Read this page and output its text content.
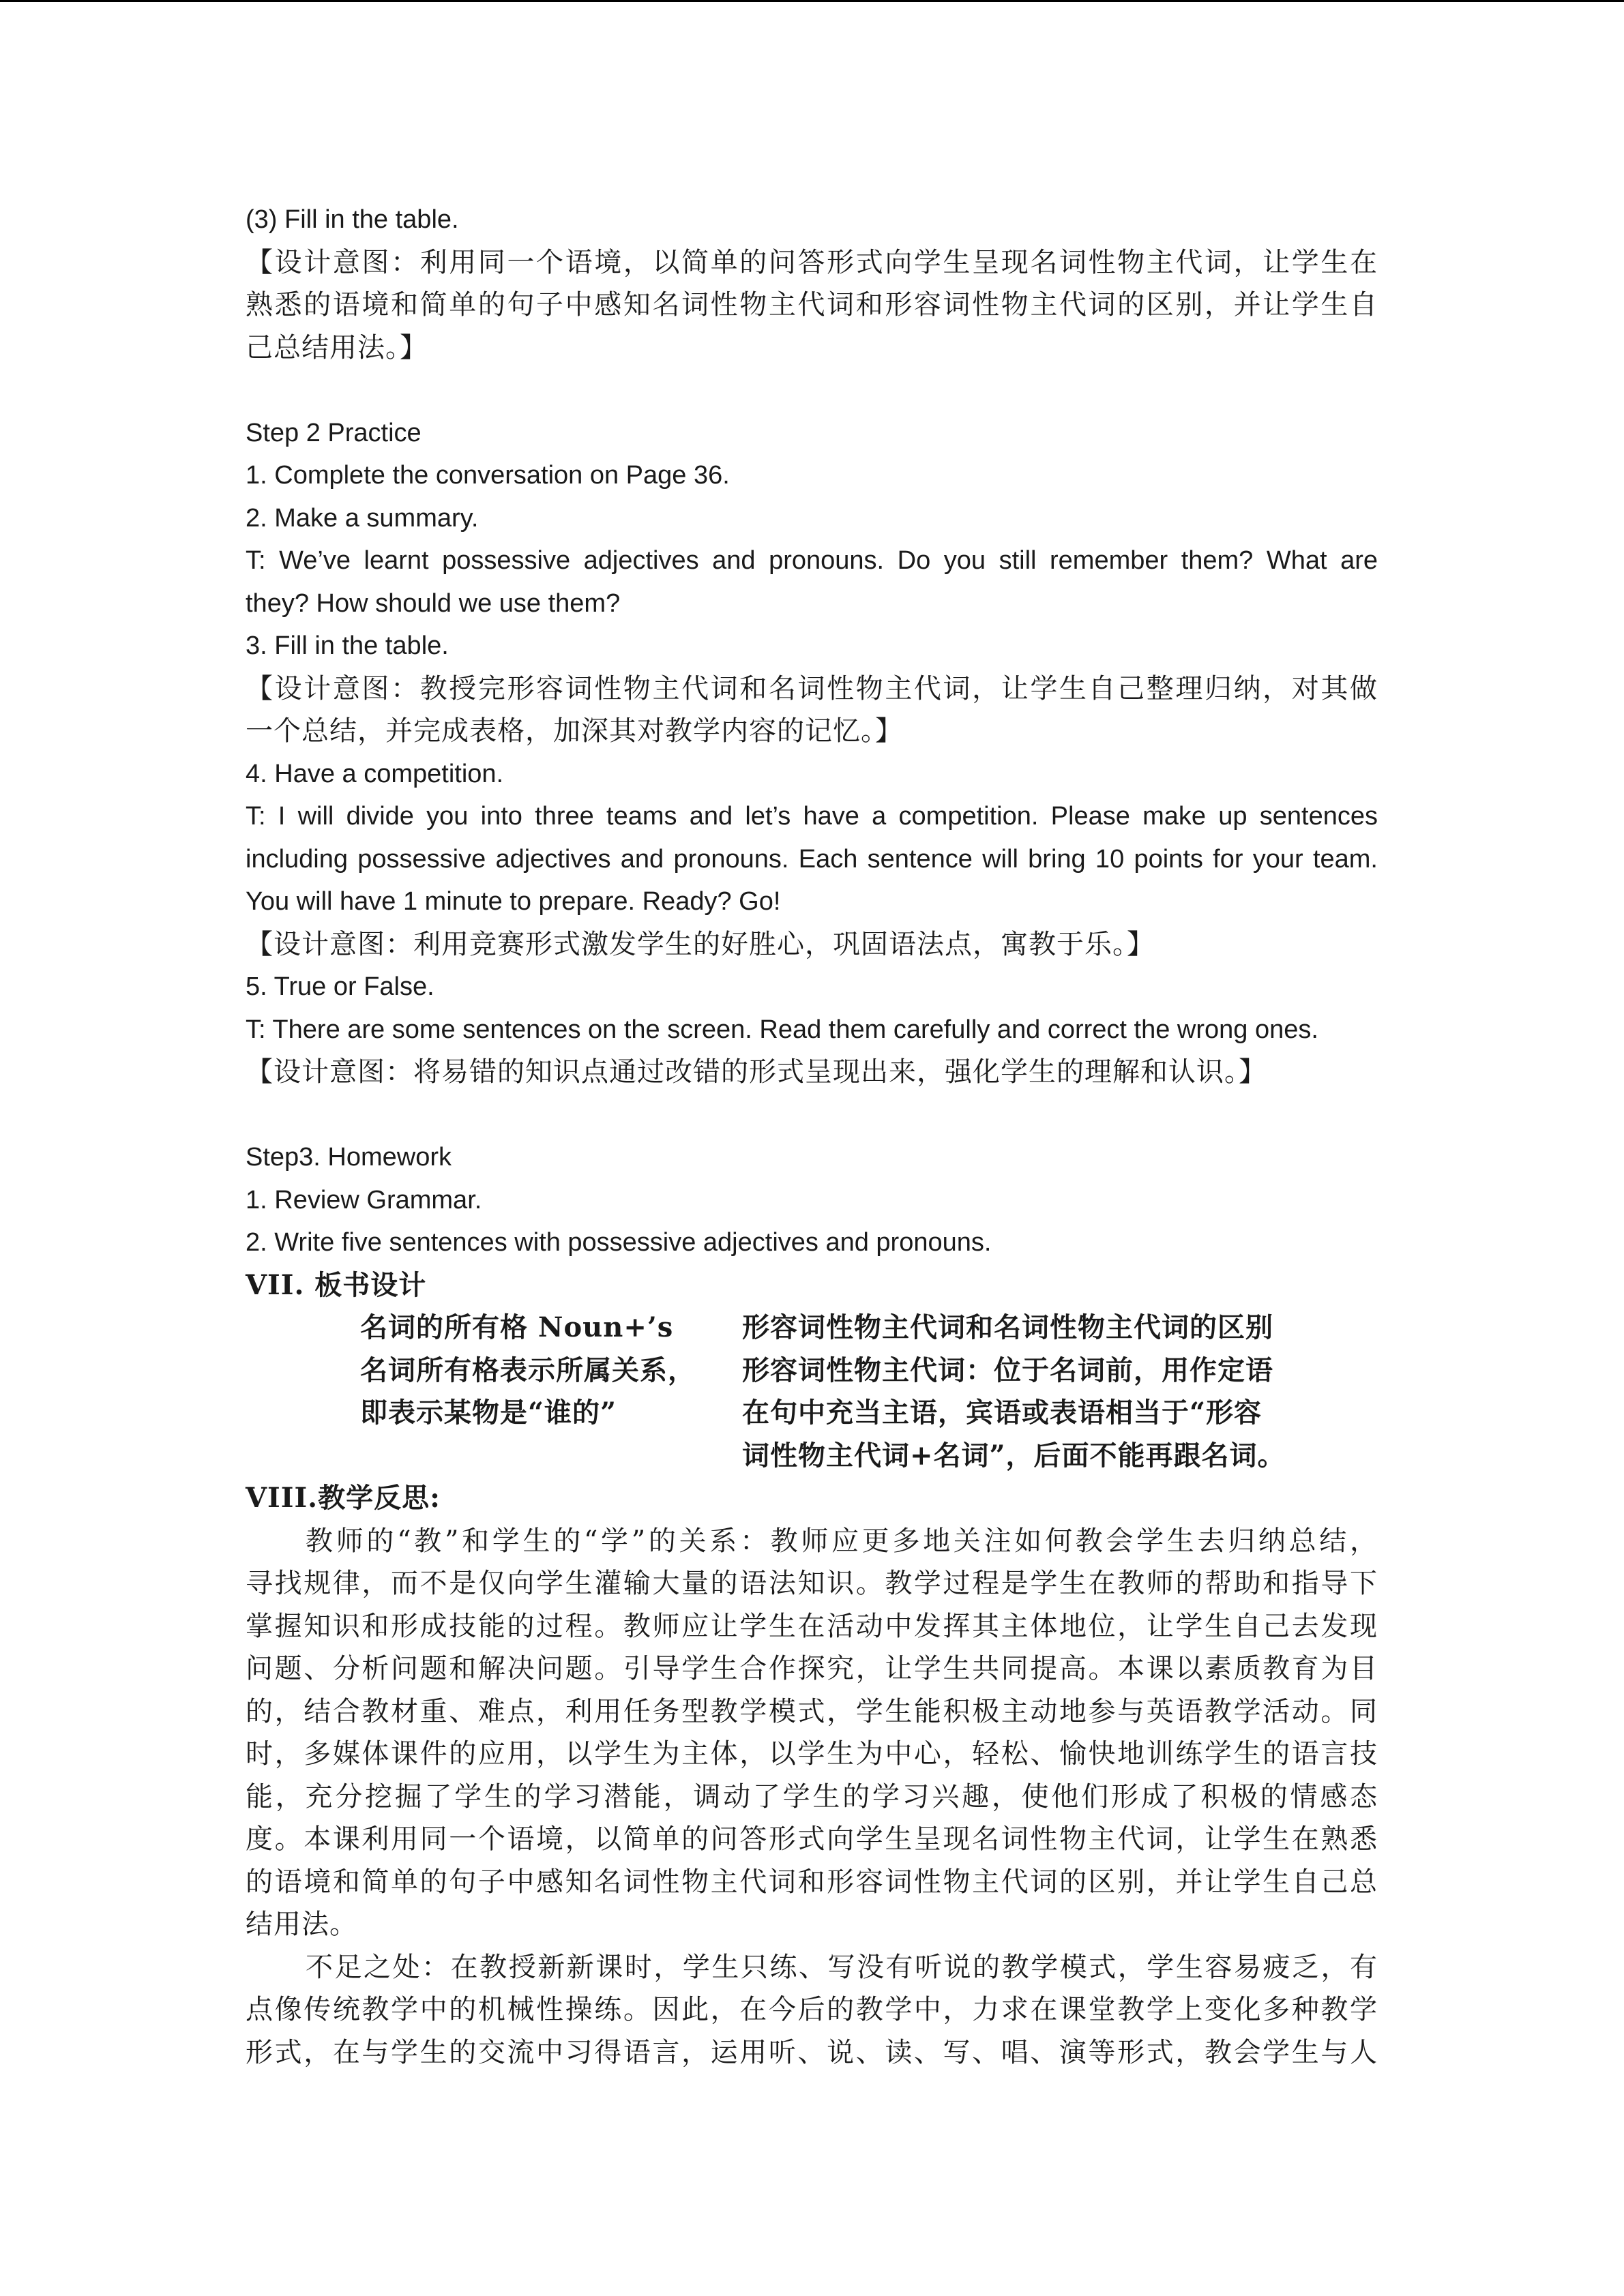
(3) Fill in the table.

【设计意图：利用同一个语境，以简单的问答形式向学生呈现名词性物主代词，让学生在

熟悉的语境和简单的句子中感知名词性物主代词和形容词性物主代词的区别，并让学生自

己总结用法。】

Step 2 Practice

1. Complete the conversation on Page 36.

2. Make a summary.

T: We’ve learnt possessive adjectives and pronouns. Do you still remember them? What are

they? How should we use them?

3. Fill in the table.

【设计意图：教授完形容词性物主代词和名词性物主代词，让学生自己整理归纳，对其做

一个总结，并完成表格，加深其对教学内容的记忆。】

4. Have a competition.

T: I will divide you into three teams and let’s have a competition. Please make up sentences

including possessive adjectives and pronouns. Each sentence will bring 10 points for your team.

You will have 1 minute to prepare. Ready? Go!

【设计意图：利用竞赛形式激发学生的好胜心，巩固语法点，寓教于乐。】

5. True or False.

T: There are some sentences on the screen. Read them carefully and correct the wrong ones.

【设计意图：将易错的知识点通过改错的形式呈现出来，强化学生的理解和认识。】

Step3. Homework

1. Review Grammar.

2. Write five sentences with possessive adjectives and pronouns.

VII. 板书设计

名词的所有格 Noun+’s

名词所有格表示所属关系，

即表示某物是“谁的”

形容词性物主代词和名词性物主代词的区别

形容词性物主代词：位于名词前，用作定语

在句中充当主语，宾语或表语相当于“形容

词性物主代词+名词”，后面不能再跟名词。

VIII.教学反思:

教师的“教”和学生的“学”的关系：教师应更多地关注如何教会学生去归纳总结，

寻找规律，而不是仅向学生灌输大量的语法知识。教学过程是学生在教师的帮助和指导下

掌握知识和形成技能的过程。教师应让学生在活动中发挥其主体地位，让学生自己去发现

问题、分析问题和解决问题。引导学生合作探究，让学生共同提高。本课以素质教育为目

的，结合教材重、难点，利用任务型教学模式，学生能积极主动地参与英语教学活动。同

时，多媒体课件的应用，以学生为主体，以学生为中心，轻松、愉快地训练学生的语言技

能，充分挖掘了学生的学习潜能，调动了学生的学习兴趣，使他们形成了积极的情感态

度。本课利用同一个语境，以简单的问答形式向学生呈现名词性物主代词，让学生在熟悉

的语境和简单的句子中感知名词性物主代词和形容词性物主代词的区别，并让学生自己总

结用法。

不足之处：在教授新新课时，学生只练、写没有听说的教学模式，学生容易疲乏，有

点像传统教学中的机械性操练。因此，在今后的教学中，力求在课堂教学上变化多种教学

形式，在与学生的交流中习得语言，运用听、说、读、写、唱、演等形式，教会学生与人
